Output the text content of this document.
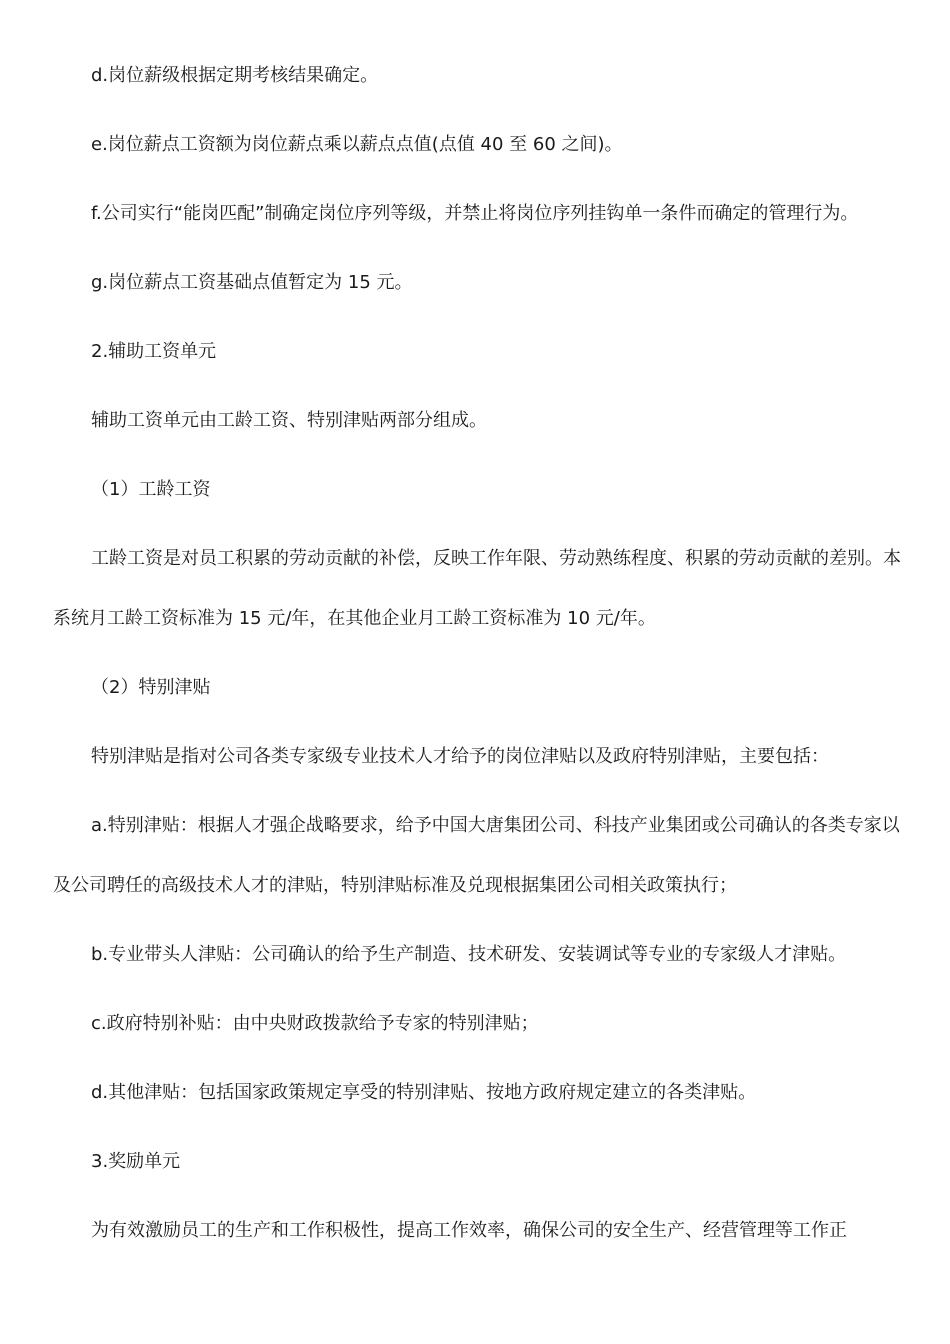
d.岗位薪级根据定期考核结果确定。

e.岗位薪点工资额为岗位薪点乘以薪点点值(点值 40 至 60 之间)。

f.公司实行“能岗匹配”制确定岗位序列等级，并禁止将岗位序列挂钩单一条件而确定的管理行为。

g.岗位薪点工资基础点值暂定为 15 元。

2.辅助工资单元

辅助工资单元由工龄工资、特别津贴两部分组成。

（1）工龄工资

工龄工资是对员工积累的劳动贡献的补偿，反映工作年限、劳动熟练程度、积累的劳动贡献的差别。本系统月工龄工资标准为 15 元/年，在其他企业月工龄工资标准为 10 元/年。

（2）特别津贴

特别津贴是指对公司各类专家级专业技术人才给予的岗位津贴以及政府特别津贴，主要包括：

a.特别津贴：根据人才强企战略要求，给予中国大唐集团公司、科技产业集团或公司确认的各类专家以及公司聘任的高级技术人才的津贴，特别津贴标准及兑现根据集团公司相关政策执行；

b.专业带头人津贴：公司确认的给予生产制造、技术研发、安装调试等专业的专家级人才津贴。

c.政府特别补贴：由中央财政拨款给予专家的特别津贴；

d.其他津贴：包括国家政策规定享受的特别津贴、按地方政府规定建立的各类津贴。

3.奖励单元

为有效激励员工的生产和工作积极性，提高工作效率，确保公司的安全生产、经营管理等工作正
